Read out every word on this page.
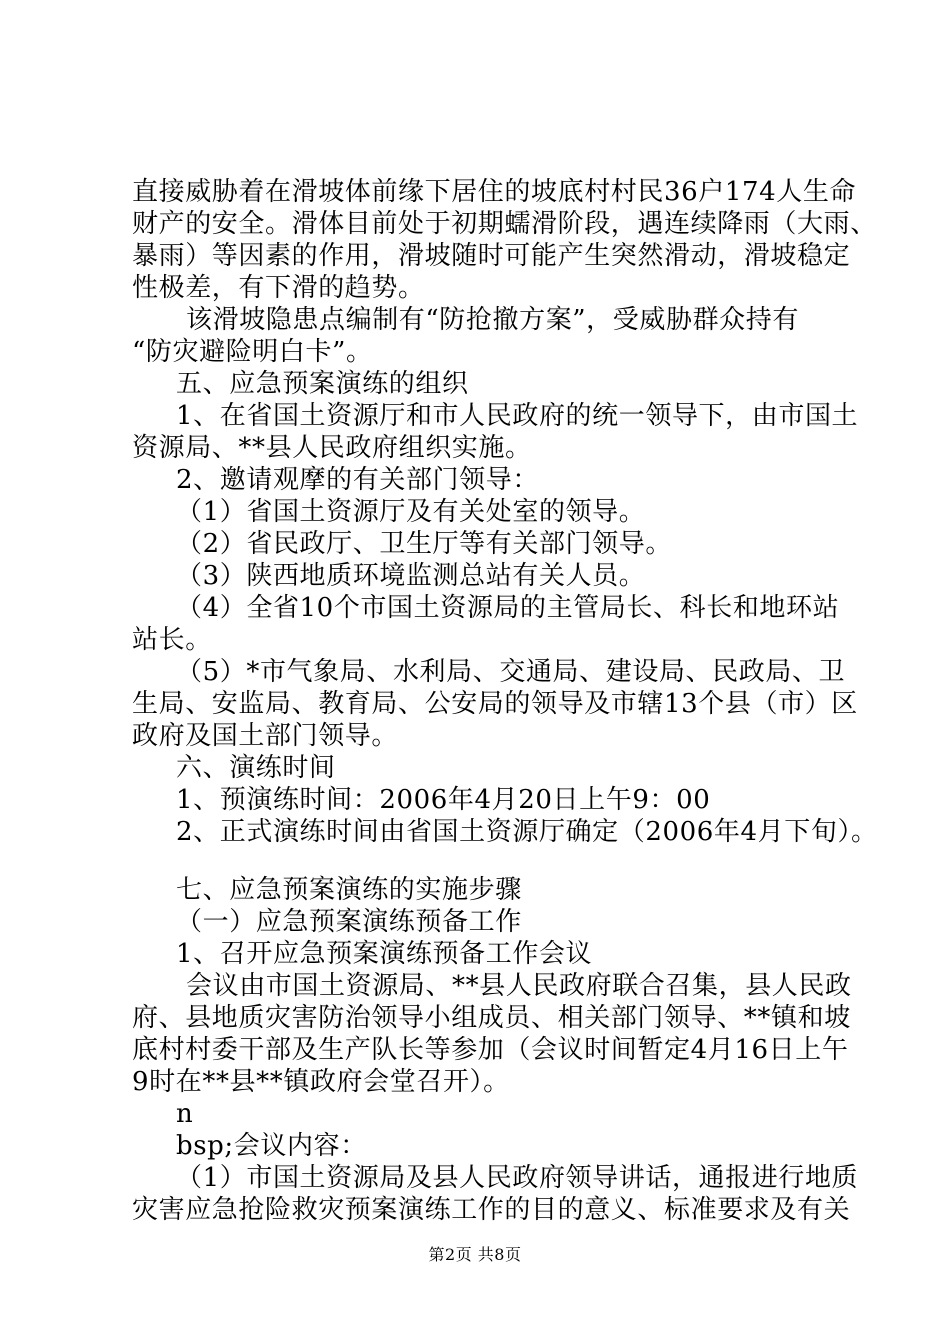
直接威胁着在滑坡体前缘下居住的坡底村村民36户174人生命
财产的安全。滑体目前处于初期蠕滑阶段，遇连续降雨（大雨、
暴雨）等因素的作用，滑坡随时可能产生突然滑动，滑坡稳定
性极差，有下滑的趋势。
该滑坡隐患点编制有“防抢撤方案”，受威胁群众持有
“防灾避险明白卡”。
五、应急预案演练的组织
1、在省国土资源厅和市人民政府的统一领导下，由市国土
资源局、**县人民政府组织实施。
2、邀请观摩的有关部门领导：
（1）省国土资源厅及有关处室的领导。
（2）省民政厅、卫生厅等有关部门领导。
（3）陕西地质环境监测总站有关人员。
（4）全省10个市国土资源局的主管局长、科长和地环站
站长。
（5）*市气象局、水利局、交通局、建设局、民政局、卫
生局、安监局、教育局、公安局的领导及市辖13个县（市）区
政府及国土部门领导。
六、演练时间
1、预演练时间：2006年4月20日上午9：00
2、正式演练时间由省国土资源厅确定（2006年4月下旬）。
七、应急预案演练的实施步骤
（一）应急预案演练预备工作
1、召开应急预案演练预备工作会议
会议由市国土资源局、**县人民政府联合召集，县人民政
府、县地质灾害防治领导小组成员、相关部门领导、**镇和坡
底村村委干部及生产队长等参加（会议时间暂定4月16日上午
9时在**县**镇政府会堂召开）。
n
bsp;会议内容：
（1）市国土资源局及县人民政府领导讲话，通报进行地质
灾害应急抢险救灾预案演练工作的目的意义、标准要求及有关
第2页 共8页
